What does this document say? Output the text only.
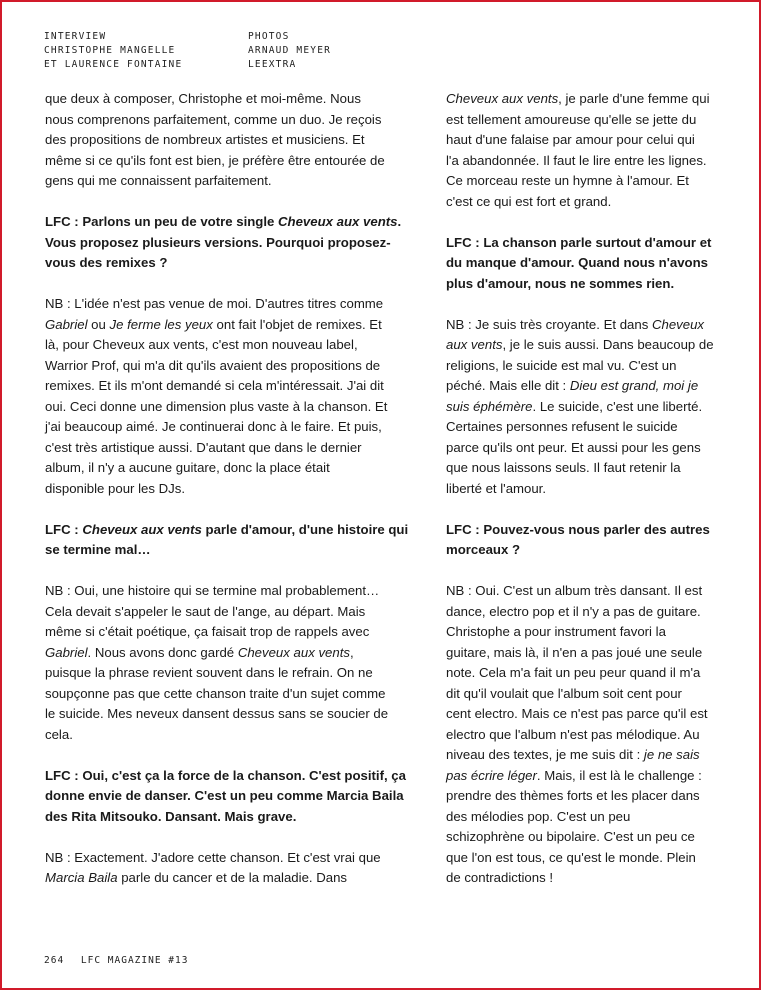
INTERVIEW
CHRISTOPHE MANGELLE
ET LAURENCE FONTAINE
PHOTOS
ARNAUD MEYER
LEEXTRA

que deux à composer, Christophe et moi-même. Nous
nous comprenons parfaitement, comme un duo. Je reçois
des propositions de nombreux artistes et musiciens. Et
même si ce qu'ils font est bien, je préfère être entourée de
gens qui me connaissent parfaitement.

LFC : Parlons un peu de votre single Cheveux aux vents.
Vous proposez plusieurs versions. Pourquoi proposez-
vous des remixes ?

NB : L'idée n'est pas venue de moi. D'autres titres comme
Gabriel ou Je ferme les yeux ont fait l'objet de remixes. Et
là, pour Cheveux aux vents, c'est mon nouveau label,
Warrior Prof, qui m'a dit qu'ils avaient des propositions de
remixes. Et ils m'ont demandé si cela m'intéressait. J'ai dit
oui. Ceci donne une dimension plus vaste à la chanson. Et
j'ai beaucoup aimé. Je continuerai donc à le faire. Et puis,
c'est très artistique aussi. D'autant que dans le dernier
album, il n'y a aucune guitare, donc la place était
disponible pour les DJs.

LFC : Cheveux aux vents parle d'amour, d'une histoire qui
se termine mal…

NB : Oui, une histoire qui se termine mal probablement…
Cela devait s'appeler le saut de l'ange, au départ. Mais
même si c'était poétique, ça faisait trop de rappels avec
Gabriel. Nous avons donc gardé Cheveux aux vents,
puisque la phrase revient souvent dans le refrain. On ne
soupçonne pas que cette chanson traite d'un sujet comme
le suicide. Mes neveux dansent dessus sans se soucier de
cela.

LFC : Oui, c'est ça la force de la chanson. C'est positif, ça
donne envie de danser. C'est un peu comme Marcia Baila
des Rita Mitsouko. Dansant. Mais grave.

NB : Exactement. J'adore cette chanson. Et c'est vrai que
Marcia Baila parle du cancer et de la maladie. Dans

Cheveux aux vents, je parle d'une femme qui
est tellement amoureuse qu'elle se jette du
haut d'une falaise par amour pour celui qui
l'a abandonnée. Il faut le lire entre les lignes.
Ce morceau reste un hymne à l'amour. Et
c'est ce qui est fort et grand.

LFC : La chanson parle surtout d'amour et
du manque d'amour. Quand nous n'avons
plus d'amour, nous ne sommes rien.

NB : Je suis très croyante. Et dans Cheveux
aux vents, je le suis aussi. Dans beaucoup de
religions, le suicide est mal vu. C'est un
péché. Mais elle dit : Dieu est grand, moi je
suis éphémère. Le suicide, c'est une liberté.
Certaines personnes refusent le suicide
parce qu'ils ont peur. Et aussi pour les gens
que nous laissons seuls. Il faut retenir la
liberté et l'amour.

LFC : Pouvez-vous nous parler des autres
morceaux ?

NB : Oui. C'est un album très dansant. Il est
dance, electro pop et il n'y a pas de guitare.
Christophe a pour instrument favori la
guitare, mais là, il n'en a pas joué une seule
note. Cela m'a fait un peu peur quand il m'a
dit qu'il voulait que l'album soit cent pour
cent electro. Mais ce n'est pas parce qu'il est
electro que l'album n'est pas mélodique. Au
niveau des textes, je me suis dit : je ne sais
pas écrire léger. Mais, il est là le challenge :
prendre des thèmes forts et les placer dans
des mélodies pop. C'est un peu
schizophrène ou bipolaire. C'est un peu ce
que l'on est tous, ce qu'est le monde. Plein
de contradictions !

264 LFC MAGAZINE #13
